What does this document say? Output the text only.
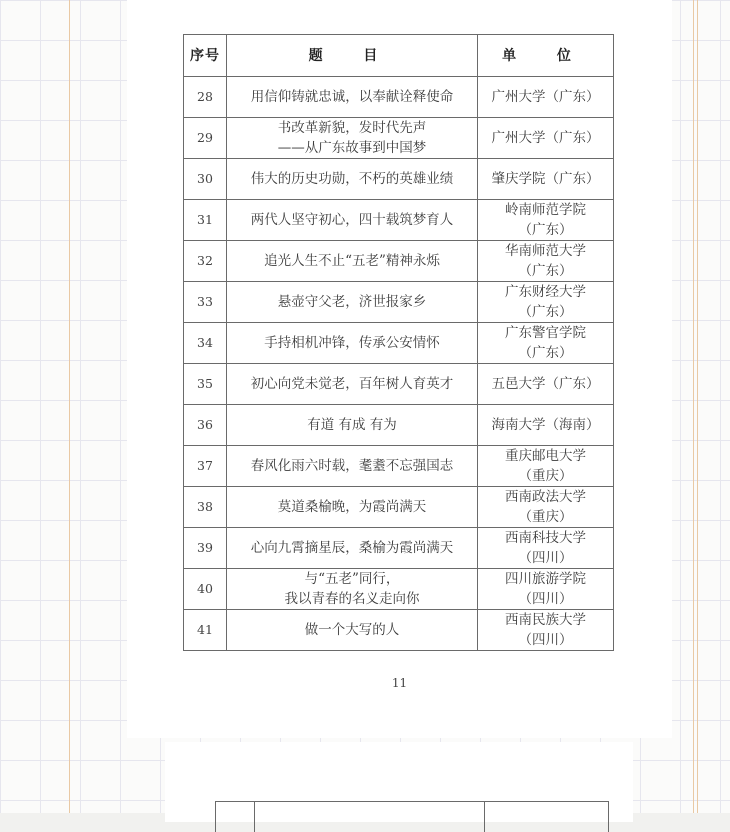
序号	题 目	单 位
28	用信仰铸就忠诚，以奉献诠释使命	广州大学（广东）

29	书改革新貌，发时代先声
——从广东故事到中国梦	广州大学（广东）

30	伟大的历史功勋，不朽的英雄业绩	肇庆学院（广东）

31	两代人坚守初心，四十载筑梦育人	岭南师范学院
（广东）

32	追光人生不止“五老”精神永烁	华南师范大学
（广东）

33	悬壶守父老，济世报家乡	广东财经大学
（广东）

34	手持相机冲锋，传承公安情怀	广东警官学院
（广东）

35	初心向党未觉老，百年树人育英才	五邑大学（广东）

36	有道 有成 有为	海南大学（海南）

37	春风化雨六时载，耄耋不忘强国志	重庆邮电大学
（重庆）

38	莫道桑榆晚，为霞尚满天	西南政法大学
（重庆）

39	心向九霄摘星辰，桑榆为霞尚满天	西南科技大学
（四川）

40	与“五老”同行，
我以青春的名义走向你	四川旅游学院
（四川）

41	做一个大写的人	西南民族大学
（四川）
11
